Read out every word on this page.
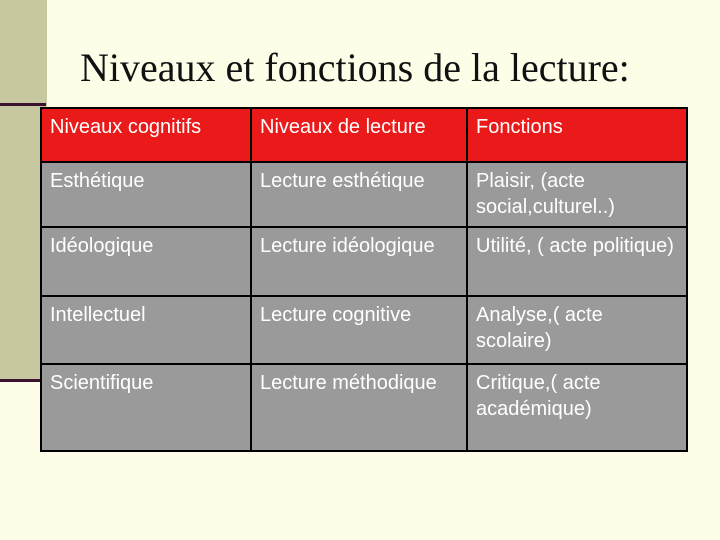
Niveaux et fonctions de la lecture:
Niveaux cognitifs	Niveaux de lecture	Fonctions
Esthétique	Lecture esthétique	Plaisir, (acte social,culturel..)
Idéologique	Lecture idéologique	Utilité, ( acte politique)
Intellectuel	Lecture cognitive	Analyse,( acte scolaire)
Scientifique	Lecture méthodique	Critique,( acte académique)
